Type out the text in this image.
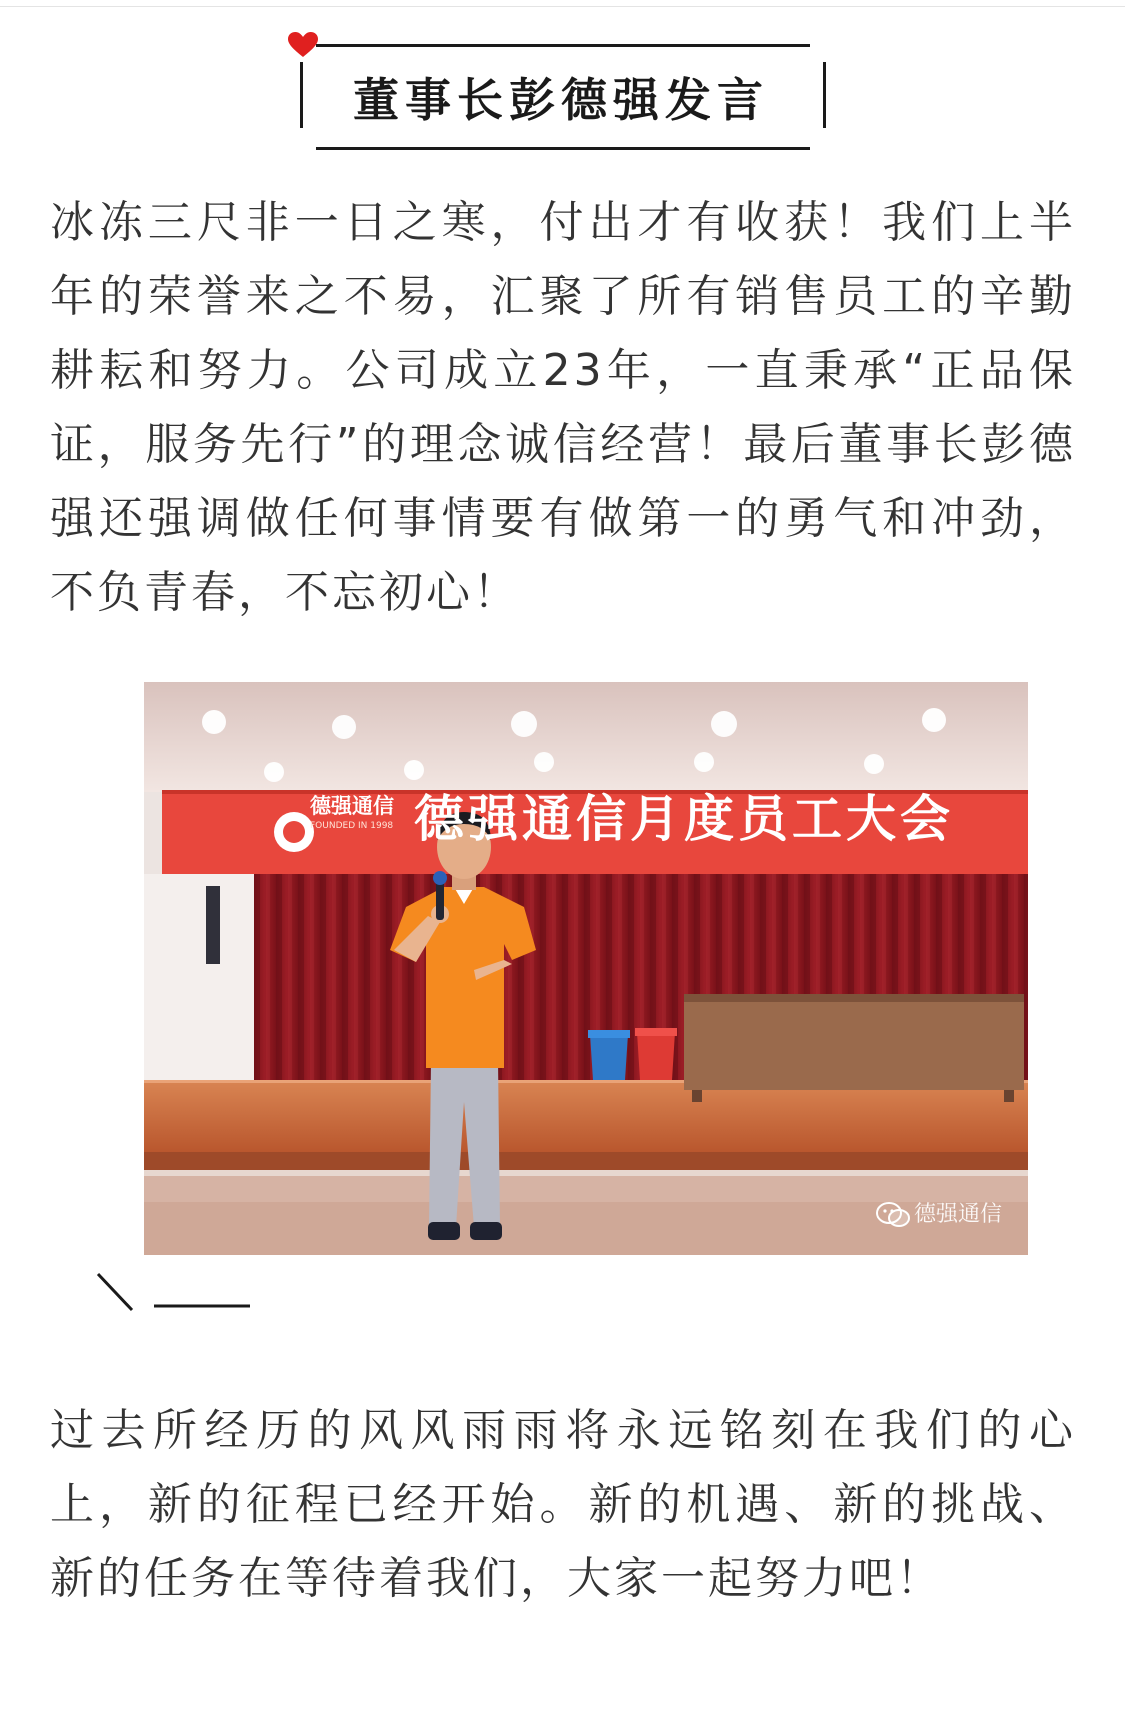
董事长彭德强发言

冰冻三尺非一日之寒，付出才有收获！我们上半年的荣誉来之不易，汇聚了所有销售员工的辛勤耕耘和努力。公司成立23年，一直秉承“正品保证，服务先行”的理念诚信经营！最后董事长彭德强还强调做任何事情要有做第一的勇气和冲劲，不负青春，不忘初心！

德强通信
FOUNDED IN 1998 德强通信月度员工大会
德强通信

过去所经历的风风雨雨将永远铭刻在我们的心上，新的征程已经开始。新的机遇、新的挑战、新的任务在等待着我们，大家一起努力吧！
